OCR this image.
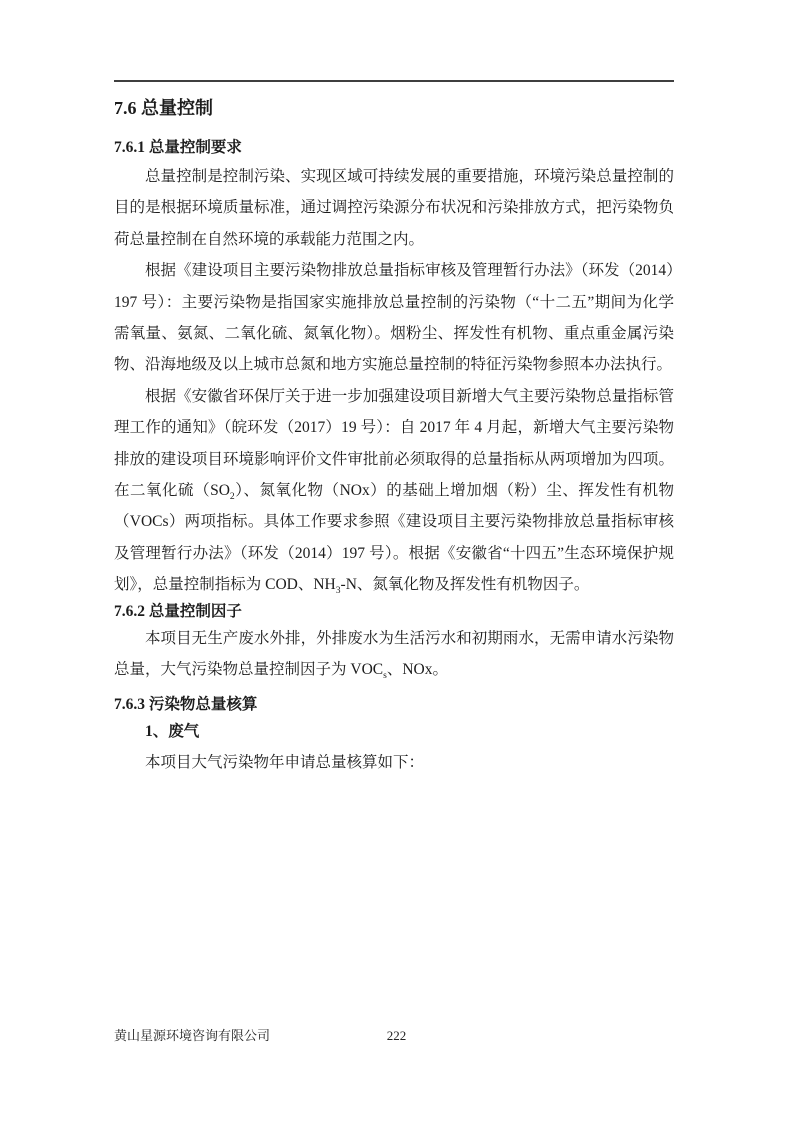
7.6 总量控制
7.6.1 总量控制要求

总量控制是控制污染、实现区域可持续发展的重要措施，环境污染总量控制的目的是根据环境质量标准，通过调控污染源分布状况和污染排放方式，把污染物负荷总量控制在自然环境的承载能力范围之内。

根据《建设项目主要污染物排放总量指标审核及管理暂行办法》（环发（2014）197 号）：主要污染物是指国家实施排放总量控制的污染物（“十二五”期间为化学需氧量、氨氮、二氧化硫、氮氧化物）。烟粉尘、挥发性有机物、重点重金属污染物、沿海地级及以上城市总氮和地方实施总量控制的特征污染物参照本办法执行。

根据《安徽省环保厅关于进一步加强建设项目新增大气主要污染物总量指标管理工作的通知》（皖环发（2017）19 号）：自 2017 年 4 月起，新增大气主要污染物排放的建设项目环境影响评价文件审批前必须取得的总量指标从两项增加为四项。在二氧化硫$(SO_2)$、氮氧化物（NOx）的基础上增加烟（粉）尘、挥发性有机物（VOCs）两项指标。具体工作要求参照《建设项目主要污染物排放总量指标审核及管理暂行办法》（环发（2014）197 号）。根据《安徽省“十四五”生态环境保护规划》，总量控制指标为 COD、$NH_3-N$、氮氧化物及挥发性有机物因子。

7.6.2 总量控制因子

本项目无生产废水外排，外排废水为生活污水和初期雨水，无需申请水污染物总量，大气污染物总量控制因子为 $VOC_s$、NOx。

7.6.3 污染物总量核算

1、废气

本项目大气污染物年申请总量核算如下：

黄山星源环境咨询有限公司	222
